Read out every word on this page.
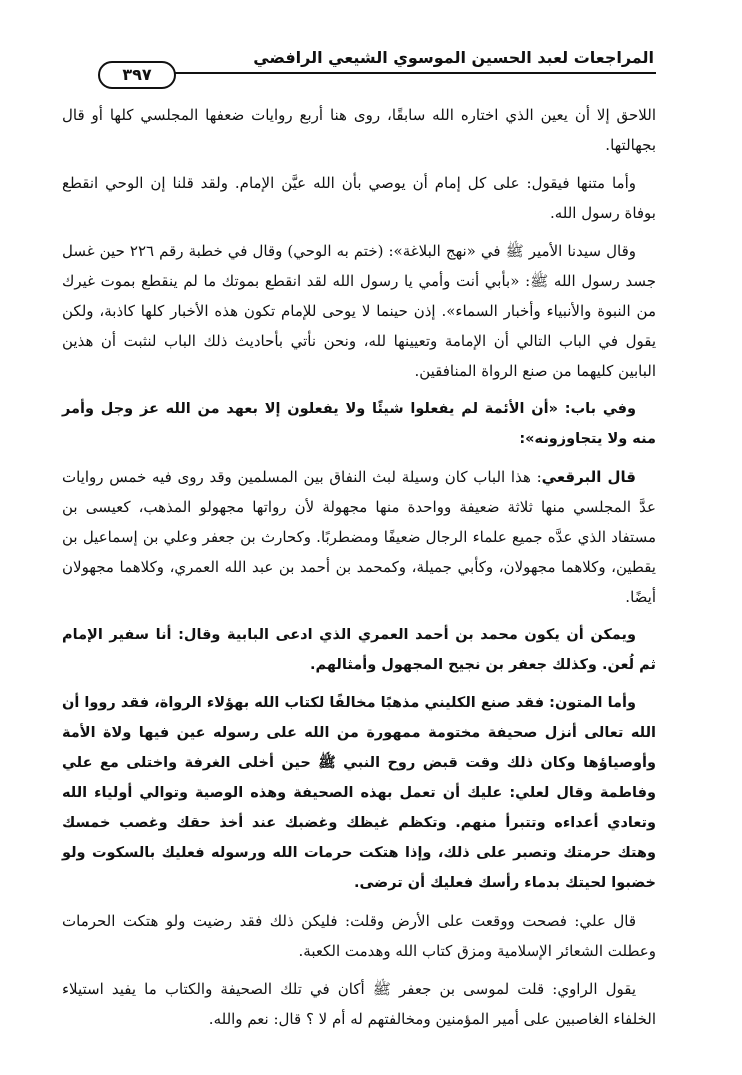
المراجعات لعبد الحسين الموسوي الشيعي الرافضي
٣٩٧

اللاحق إلا أن يعين الذي اختاره الله سابقًا، روى هنا أربع روايات ضعفها المجلسي كلها أو قال بجهالتها.

وأما متنها فيقول: على كل إمام أن يوصي بأن الله عيَّن الإمام. ولقد قلنا إن الوحي انقطع بوفاة رسول الله.

وقال سيدنا الأمير ﷺ في «نهج البلاغة»: (ختم به الوحي) وقال في خطبة رقم ٢٢٦ حين غسل جسد رسول الله ﷺ: «بأبي أنت وأمي يا رسول الله لقد انقطع بموتك ما لم ينقطع بموت غيرك من النبوة والأنبياء وأخبار السماء». إذن حينما لا يوحى للإمام تكون هذه الأخبار كلها كاذبة، ولكن يقول في الباب التالي أن الإمامة وتعيينها لله، ونحن نأتي بأحاديث ذلك الباب لنثبت أن هذين البابين كليهما من صنع الرواة المنافقين.

وفي باب: «أن الأئمة لم يفعلوا شيئًا ولا يفعلون إلا بعهد من الله عز وجل وأمر منه ولا يتجاوزونه»:

قال البرقعي: هذا الباب كان وسيلة لبث النفاق بين المسلمين وقد روى فيه خمس روايات عدَّ المجلسي منها ثلاثة ضعيفة وواحدة منها مجهولة لأن رواتها مجهولو المذهب، كعيسى بن مستفاد الذي عدَّه جميع علماء الرجال ضعيفًا ومضطربًا. وكحارث بن جعفر وعلي بن إسماعيل بن يقطين، وكلاهما مجهولان، وكأبي جميلة، وكمحمد بن أحمد بن عبد الله العمري، وكلاهما مجهولان أيضًا.

ويمكن أن يكون محمد بن أحمد العمري الذي ادعى البابية وقال: أنا سفير الإمام ثم لُعن. وكذلك جعفر بن نجيح المجهول وأمثالهم.

وأما المتون: فقد صنع الكليني مذهبًا مخالفًا لكتاب الله بهؤلاء الرواة، فقد رووا أن الله تعالى أنزل صحيفة مختومة ممهورة من الله على رسوله عين فيها ولاة الأمة وأوصياؤها وكان ذلك وقت قبض روح النبي ﷺ حين أخلى الغرفة واختلى مع علي وفاطمة وقال لعلي: عليك أن تعمل بهذه الصحيفة وهذه الوصية وتوالي أولياء الله وتعادي أعداءه وتتبرأ منهم. وتكظم غيظك وغضبك عند أخذ حقك وغصب خمسك وهتك حرمتك وتصبر على ذلك، وإذا هتكت حرمات الله ورسوله فعليك بالسكوت ولو خضبوا لحيتك بدماء رأسك فعليك أن ترضى.

قال علي: فصحت ووقعت على الأرض وقلت: فليكن ذلك فقد رضيت ولو هتكت الحرمات وعطلت الشعائر الإسلامية ومزق كتاب الله وهدمت الكعبة.

يقول الراوي: قلت لموسى بن جعفر ﷺ أكان في تلك الصحيفة والكتاب ما يفيد استيلاء الخلفاء الغاصبين على أمير المؤمنين ومخالفتهم له أم لا ؟ قال: نعم والله.
